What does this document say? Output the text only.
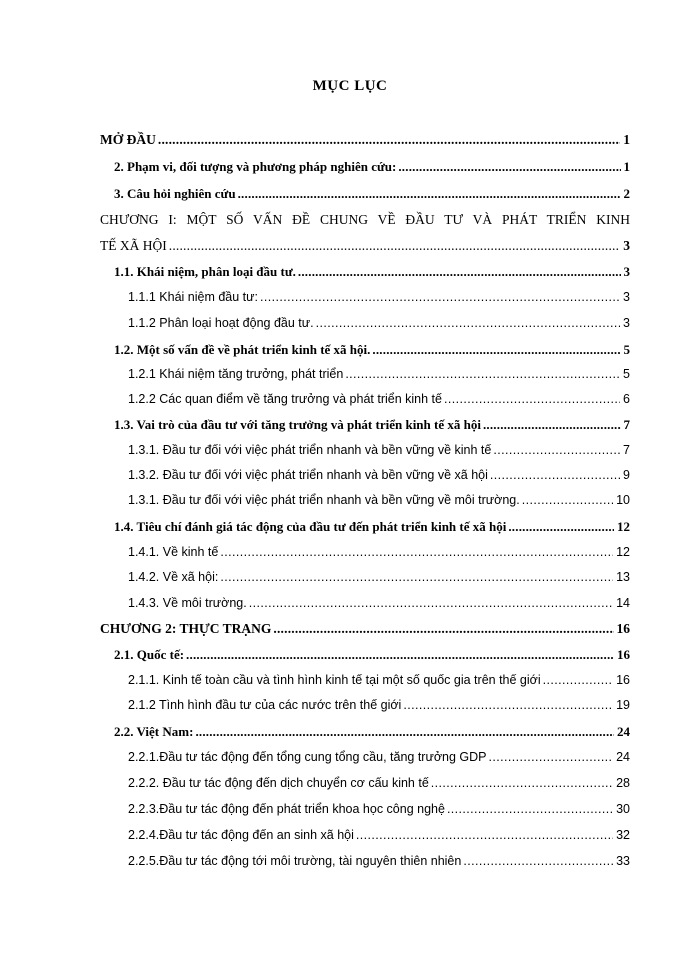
MỤC LỤC
MỞ ĐẦU .....	1
2. Phạm vi, đối tượng và phương pháp nghiên cứu: .....	1
3. Câu hỏi nghiên cứu .....	2
CHƯƠNG I: MỘT SỐ VẤN ĐỀ CHUNG VỀ ĐẦU TƯ VÀ PHÁT TRIỂN KINH
TẾ XÃ HỘI .....	3
1.1. Khái niệm, phân loại đầu tư. .....	3
1.1.1 Khái niệm đầu tư: .....	3
1.1.2 Phân loại hoạt động đầu tư. .....	3
1.2. Một số vấn đề về phát triển kinh tế xã hội. .....	5
1.2.1 Khái niệm tăng trưởng, phát triển .....	5
1.2.2 Các quan điểm về tăng trưởng và phát triển kinh tế .....	6
1.3. Vai trò của đầu tư với tăng trưởng và phát triển kinh tế xã hội .....	7
1.3.1. Đầu tư đối với việc phát triển nhanh và bền vững về kinh tế .....	7
1.3.2. Đầu tư đối với việc phát triển nhanh và bền vững về xã hội .....	9
1.3.1. Đầu tư đối với việc phát triển nhanh và bền vững về môi trường. .....	10
1.4. Tiêu chí đánh giá tác động của đầu tư đến phát triển kinh tế xã hội .....	12
1.4.1. Về kinh tế .....	12
1.4.2. Về xã hội: .....	13
1.4.3. Về môi trường. .....	14
CHƯƠNG 2: THỰC TRẠNG .....	16
2.1. Quốc tế: .....	16
2.1.1. Kinh tế toàn cầu và tình hình kinh tế tại một số quốc gia trên thế giới .....	16
2.1.2 Tình hình đầu tư của các nước trên thế giới .....	19
2.2. Việt Nam: .....	24
2.2.1.Đầu tư tác động đến tổng cung tổng cầu, tăng trưởng GDP .....	24
2.2.2. Đầu tư tác động đến dịch chuyển cơ cấu kinh tế .....	28
2.2.3.Đầu tư tác động đến phát triển khoa học công nghệ .....	30
2.2.4.Đầu tư tác động đến an sinh xã hội .....	32
2.2.5.Đầu tư tác động tới môi trường, tài nguyên thiên nhiên .....	33
